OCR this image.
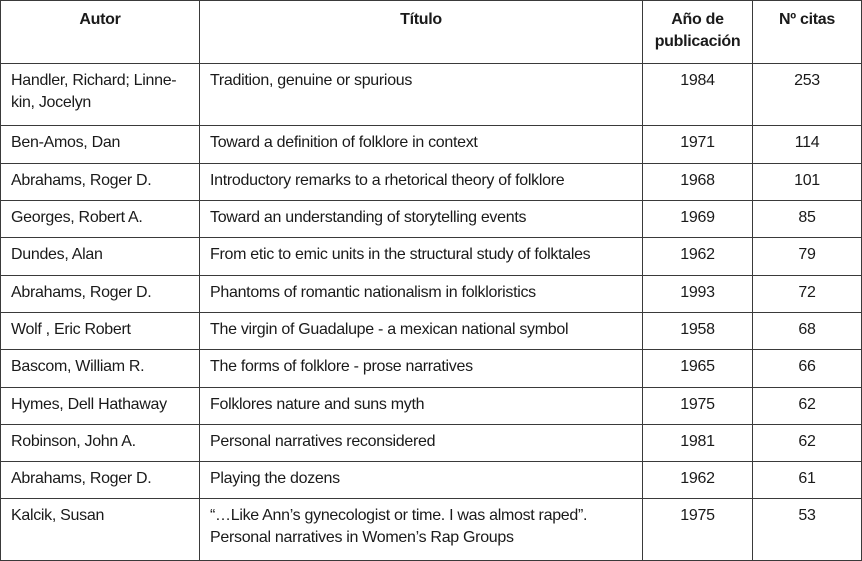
Autor	Título	Año de publicación	Nº citas
Handler, Richard; Linne-kin, Jocelyn	Tradition, genuine or spurious	1984	253
Ben-Amos, Dan	Toward a definition of folklore in context	1971	114
Abrahams, Roger D.	Introductory remarks to a rhetorical theory of folklore	1968	101
Georges, Robert A.	Toward an understanding of storytelling events	1969	85
Dundes, Alan	From etic to emic units in the structural study of folktales	1962	79
Abrahams, Roger D.	Phantoms of romantic nationalism in folkloristics	1993	72
Wolf , Eric Robert	The virgin of Guadalupe - a mexican national symbol	1958	68
Bascom, William R.	The forms of folklore - prose narratives	1965	66
Hymes, Dell Hathaway	Folklores nature and suns myth	1975	62
Robinson, John A.	Personal narratives reconsidered	1981	62
Abrahams, Roger D.	Playing the dozens	1962	61
Kalcik, Susan	“…Like Ann’s gynecologist or time. I was almost raped”. Personal narratives in Women’s Rap Groups	1975	53
